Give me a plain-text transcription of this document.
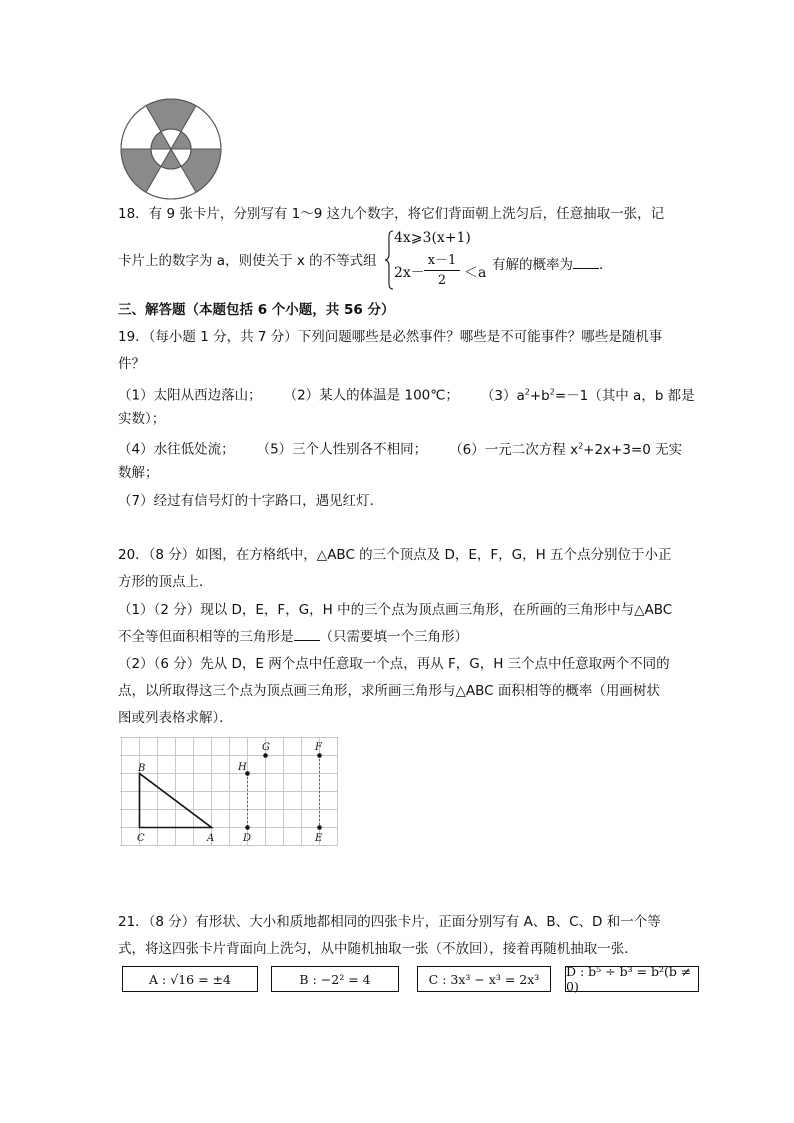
18．有 9 张卡片，分别写有 1～9 这九个数字，将它们背面朝上洗匀后，任意抽取一张，记
卡片上的数字为 a，则使关于 x 的不等式组
4x⩾3(x+1)
2x－
x－1
2	＜a 有解的概率为 ．
三、解答题（本题包括 6 个小题，共 56 分）
19．（每小题 1 分，共 7 分）下列问题哪些是必然事件？哪些是不可能事件？哪些是随机事
件？
（1）太阳从西边落山； （2）某人的体温是 100℃； $(3)a^2+b^2=-1$（其中 a，b 都是
实数）；
（4）水往低处流； （5）三个人性别各不相同； （6）一元二次方程 $x^2+2x+3=0$ 无实
数解；
（7）经过有信号灯的十字路口，遇见红灯．
20．（8 分）如图，在方格纸中，△ABC 的三个顶点及 D，E，F，G，H 五个点分别位于小正
方形的顶点上．
（1）（2 分）现以 D，E，F，G，H 中的三个点为顶点画三角形，在所画的三角形中与△ABC
不全等但面积相等的三角形是 （只需要填一个三角形）
（2）（6 分）先从 D，E 两个点中任意取一个点，再从 F，G，H 三个点中任意取两个不同的
点，以所取得这三个点为顶点画三角形，求所画三角形与△ABC 面积相等的概率（用画树状
图或列表格求解）．
B
C	A
H
G	F
D	E
21．（8 分）有形状、大小和质地都相同的四张卡片，正面分别写有 A、B、C、D 和一个等
式，将这四张卡片背面向上洗匀，从中随机抽取一张（不放回），接着再随机抽取一张．
A : √16 = ±4	B : −2² = 4	C : 3x³ − x³ = 2x³	D : b⁵ ÷ b³ = b²(b ≠ 0)
